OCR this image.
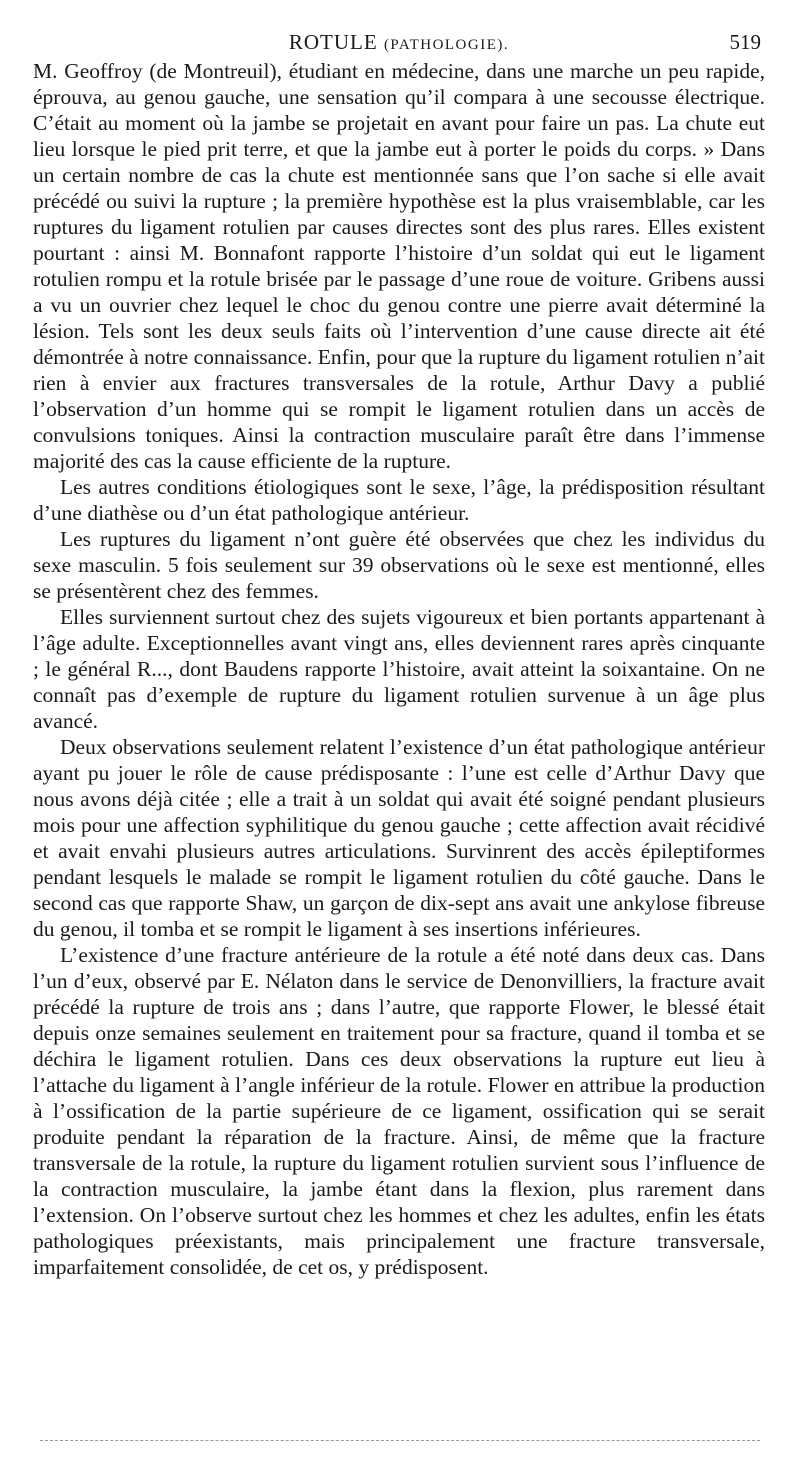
ROTULE (PATHOLOGIE).	519

M. Geoffroy (de Montreuil), étudiant en médecine, dans une marche un peu rapide, éprouva, au genou gauche, une sensation qu’il compara à une secousse électrique. C’était au moment où la jambe se projetait en avant pour faire un pas. La chute eut lieu lorsque le pied prit terre, et que la jambe eut à porter le poids du corps. » Dans un certain nombre de cas la chute est mentionnée sans que l’on sache si elle avait précédé ou suivi la rupture ; la première hypothèse est la plus vraisemblable, car les ruptures du ligament rotulien par causes directes sont des plus rares. Elles existent pourtant : ainsi M. Bonnafont rapporte l’histoire d’un soldat qui eut le ligament rotulien rompu et la rotule brisée par le passage d’une roue de voiture. Gribens aussi a vu un ouvrier chez lequel le choc du genou contre une pierre avait déterminé la lésion. Tels sont les deux seuls faits où l’intervention d’une cause directe ait été démontrée à notre connaissance. Enfin, pour que la rupture du ligament rotulien n’ait rien à envier aux fractures transversales de la rotule, Arthur Davy a publié l’observation d’un homme qui se rompit le ligament rotulien dans un accès de convulsions toniques. Ainsi la contraction musculaire paraît être dans l’immense majorité des cas la cause efficiente de la rupture.

Les autres conditions étiologiques sont le sexe, l’âge, la prédisposition résultant d’une diathèse ou d’un état pathologique antérieur.

Les ruptures du ligament n’ont guère été observées que chez les individus du sexe masculin. 5 fois seulement sur 39 observations où le sexe est mentionné, elles se présentèrent chez des femmes.

Elles surviennent surtout chez des sujets vigoureux et bien portants appartenant à l’âge adulte. Exceptionnelles avant vingt ans, elles deviennent rares après cinquante ; le général R..., dont Baudens rapporte l’histoire, avait atteint la soixantaine. On ne connaît pas d’exemple de rupture du ligament rotulien survenue à un âge plus avancé.

Deux observations seulement relatent l’existence d’un état pathologique antérieur ayant pu jouer le rôle de cause prédisposante : l’une est celle d’Arthur Davy que nous avons déjà citée ; elle a trait à un soldat qui avait été soigné pendant plusieurs mois pour une affection syphilitique du genou gauche ; cette affection avait récidivé et avait envahi plusieurs autres articulations. Survinrent des accès épileptiformes pendant lesquels le malade se rompit le ligament rotulien du côté gauche. Dans le second cas que rapporte Shaw, un garçon de dix-sept ans avait une ankylose fibreuse du genou, il tomba et se rompit le ligament à ses insertions inférieures.

L’existence d’une fracture antérieure de la rotule a été noté dans deux cas. Dans l’un d’eux, observé par E. Nélaton dans le service de Denonvilliers, la fracture avait précédé la rupture de trois ans ; dans l’autre, que rapporte Flower, le blessé était depuis onze semaines seulement en traitement pour sa fracture, quand il tomba et se déchira le ligament rotulien. Dans ces deux observations la rupture eut lieu à l’attache du ligament à l’angle inférieur de la rotule. Flower en attribue la production à l’ossification de la partie supérieure de ce ligament, ossification qui se serait produite pendant la réparation de la fracture. Ainsi, de même que la fracture transversale de la rotule, la rupture du ligament rotulien survient sous l’influence de la contraction musculaire, la jambe étant dans la flexion, plus rarement dans l’extension. On l’observe surtout chez les hommes et chez les adultes, enfin les états pathologiques préexistants, mais principalement une fracture transversale, imparfaitement consolidée, de cet os, y prédisposent.
